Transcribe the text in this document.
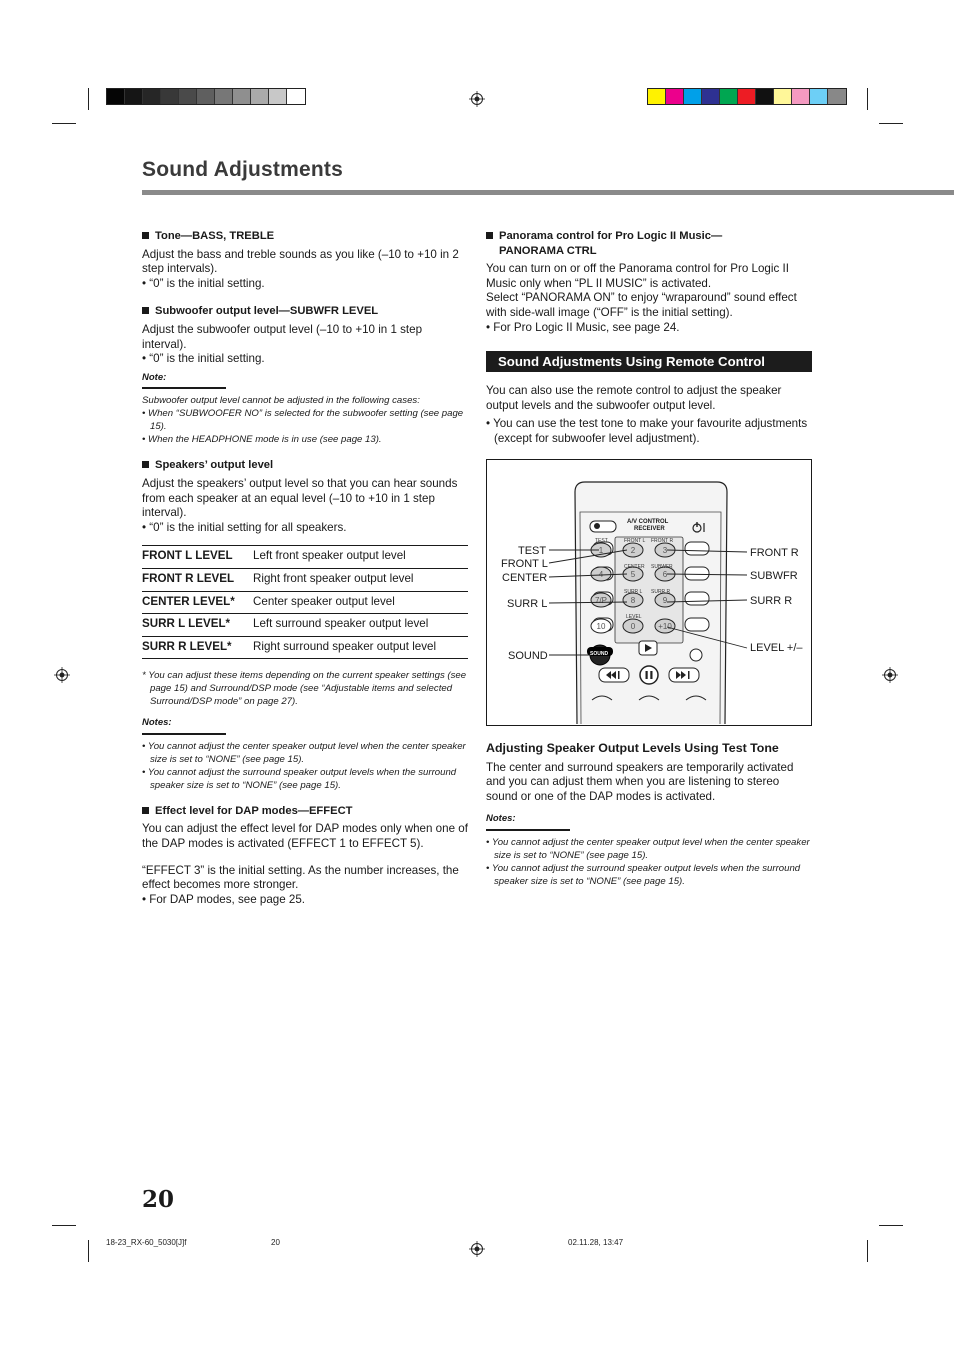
Sound Adjustments
Tone—BASS, TREBLE

Adjust the bass and treble sounds as you like (–10 to +10 in 2 step intervals).

• “0” is the initial setting.

Subwoofer output level—SUBWFR LEVEL

Adjust the subwoofer output level (–10 to +10 in 1 step interval).

• “0” is the initial setting.

Note:
Subwoofer output level cannot be adjusted in the following cases:
• When “SUBWOOFER NO” is selected for the subwoofer setting (see page 15).
• When the HEADPHONE mode is in use (see page 13).
Speakers’ output level

Adjust the speakers’ output level so that you can hear sounds from each speaker at an equal level (–10 to +10 in 1 step interval).

• “0” is the initial setting for all speakers.

FRONT L LEVEL	Left front speaker output level
FRONT R LEVEL	Right front speaker output level
CENTER LEVEL*	Center speaker output level
SURR L LEVEL*	Left surround speaker output level
SURR R LEVEL*	Right surround speaker output level
* You can adjust these items depending on the current speaker settings (see page 15) and Surround/DSP mode (see “Adjustable items and selected Surround/DSP mode” on page 27).
Notes:
• You cannot adjust the center speaker output level when the center speaker size is set to “NONE” (see page 15).
• You cannot adjust the surround speaker output levels when the surround speaker size is set to “NONE” (see page 15).
Effect level for DAP modes—EFFECT

You can adjust the effect level for DAP modes only when one of the DAP modes is activated (EFFECT 1 to EFFECT 5).

“EFFECT 3” is the initial setting. As the number increases, the effect becomes more stronger.

• For DAP modes, see page 25.

Panorama control for Pro Logic II Music—
PANORAMA CTRL

You can turn on or off the Panorama control for Pro Logic II Music only when “PL II MUSIC” is activated.

Select “PANORAMA ON” to enjoy “wraparound” sound effect with side-wall image (“OFF” is the initial setting).

• For Pro Logic II Music, see page 24.

Sound Adjustments Using Remote Control

You can also use the remote control to adjust the speaker output levels and the subwoofer output level.

• You can use the test tone to make your favourite adjustments (except for subwoofer level adjustment).

1	2	3
4	5	6
7/P	8	9
10	0	+10
A/V CONTROL
RECEIVER
TEST
FRONT L
CENTER
SURR L
SOUND
FRONT R
SUBWFR
SURR R
LEVEL +/–
TEST	FRONT L FRONT R
CENTER SUBWFR
SURR L SURR R
LEVEL
SOUND
Adjusting Speaker Output Levels Using Test Tone

The center and surround speakers are temporarily activated and you can adjust them when you are listening to stereo sound or one of the DAP modes is activated.

Notes:
• You cannot adjust the center speaker output level when the center speaker size is set to “NONE” (see page 15).
• You cannot adjust the surround speaker output levels when the surround speaker size is set to “NONE” (see page 15).
20
18-23_RX-60_5030[J]f	20	02.11.28, 13:47
